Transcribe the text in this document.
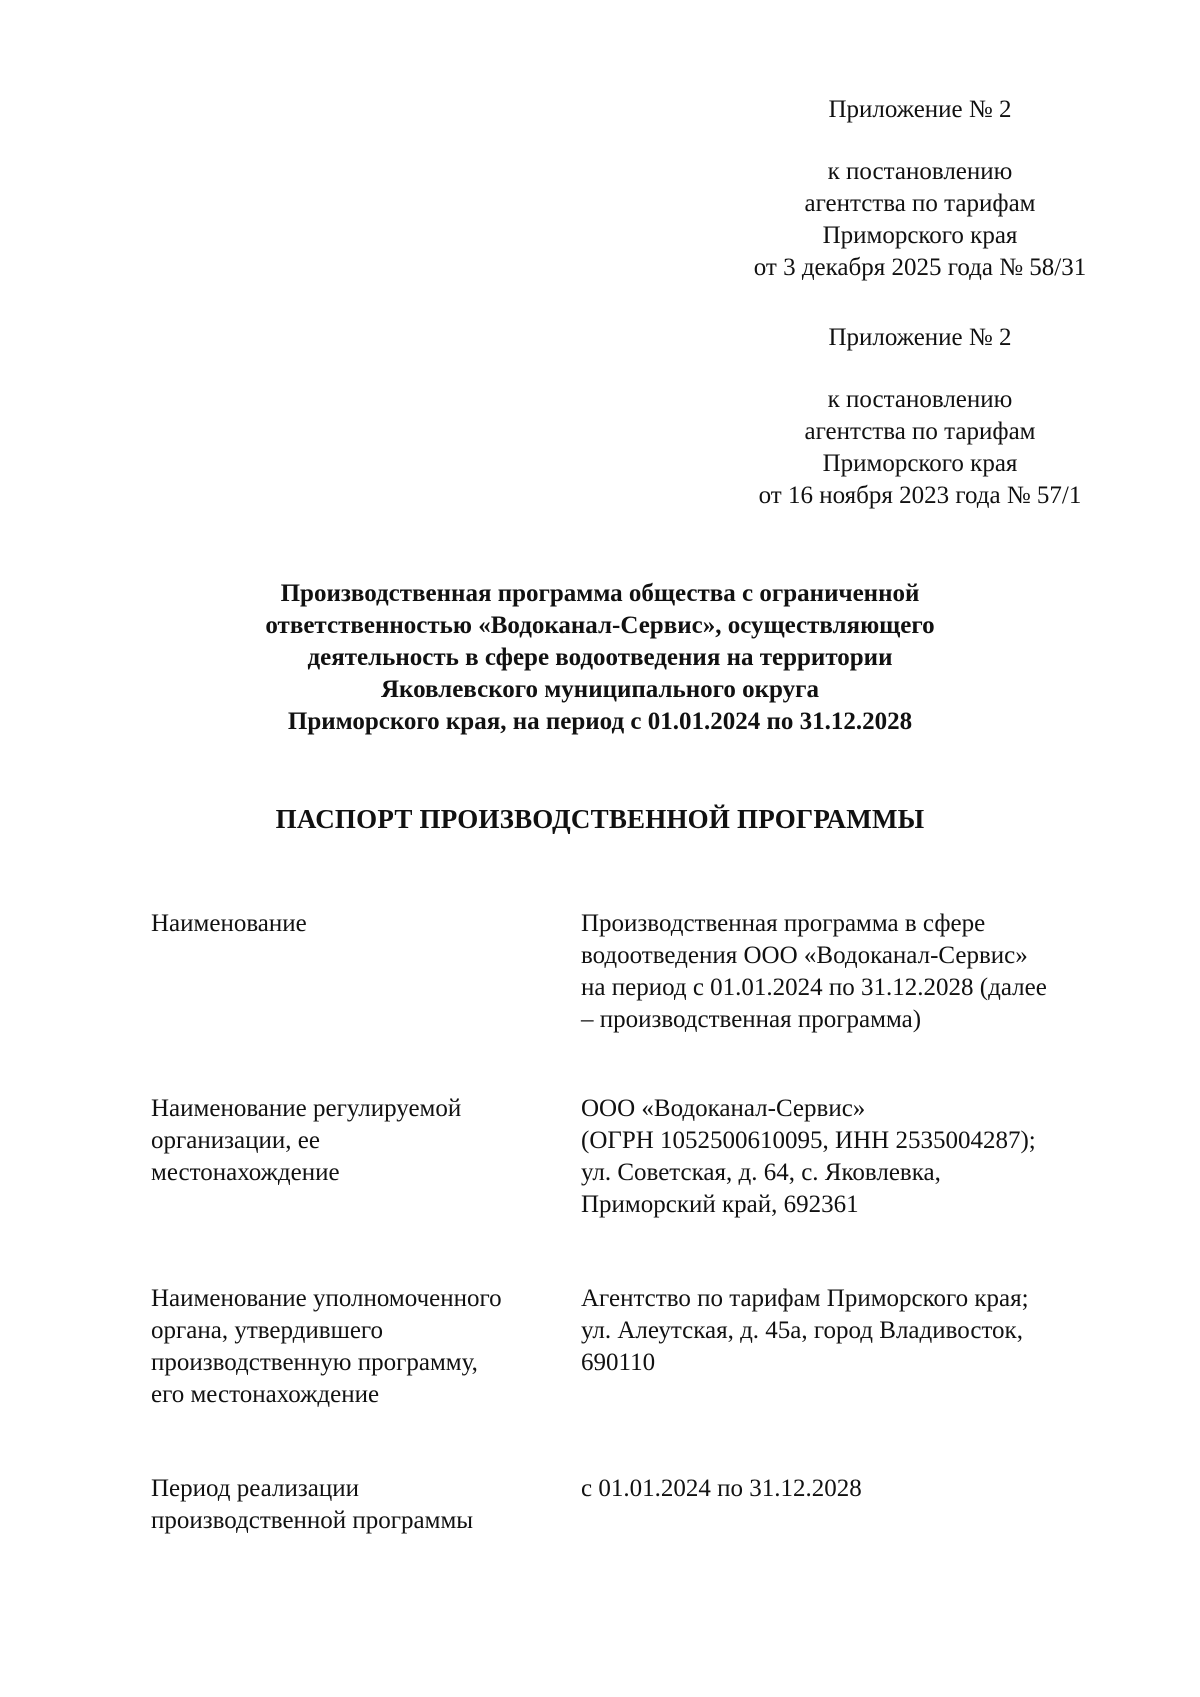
Приложение № 2
к постановлению
агентства по тарифам
Приморского края
от 3 декабря 2025 года № 58/31
Приложение № 2
к постановлению
агентства по тарифам
Приморского края
от 16 ноября 2023 года № 57/1
Производственная программа общества с ограниченной
ответственностью «Водоканал-Сервис», осуществляющего
деятельность в сфере водоотведения на территории
Яковлевского муниципального округа
Приморского края, на период с 01.01.2024 по 31.12.2028
ПАСПОРТ ПРОИЗВОДСТВЕННОЙ ПРОГРАММЫ
Наименование	Производственная программа в сфере
водоотведения ООО «Водоканал-Сервис»
на период с 01.01.2024 по 31.12.2028 (далее
– производственная программа)
Наименование регулируемой
организации, ее
местонахождение
ООО «Водоканал-Сервис»
(ОГРН 1052500610095, ИНН 2535004287);
ул. Советская, д. 64, с. Яковлевка,
Приморский край, 692361
Наименование уполномоченного
органа, утвердившего
производственную программу,
его местонахождение
Агентство по тарифам Приморского края;
ул. Алеутская, д. 45а, город Владивосток,
690110
Период реализации
производственной программы
с 01.01.2024 по 31.12.2028
